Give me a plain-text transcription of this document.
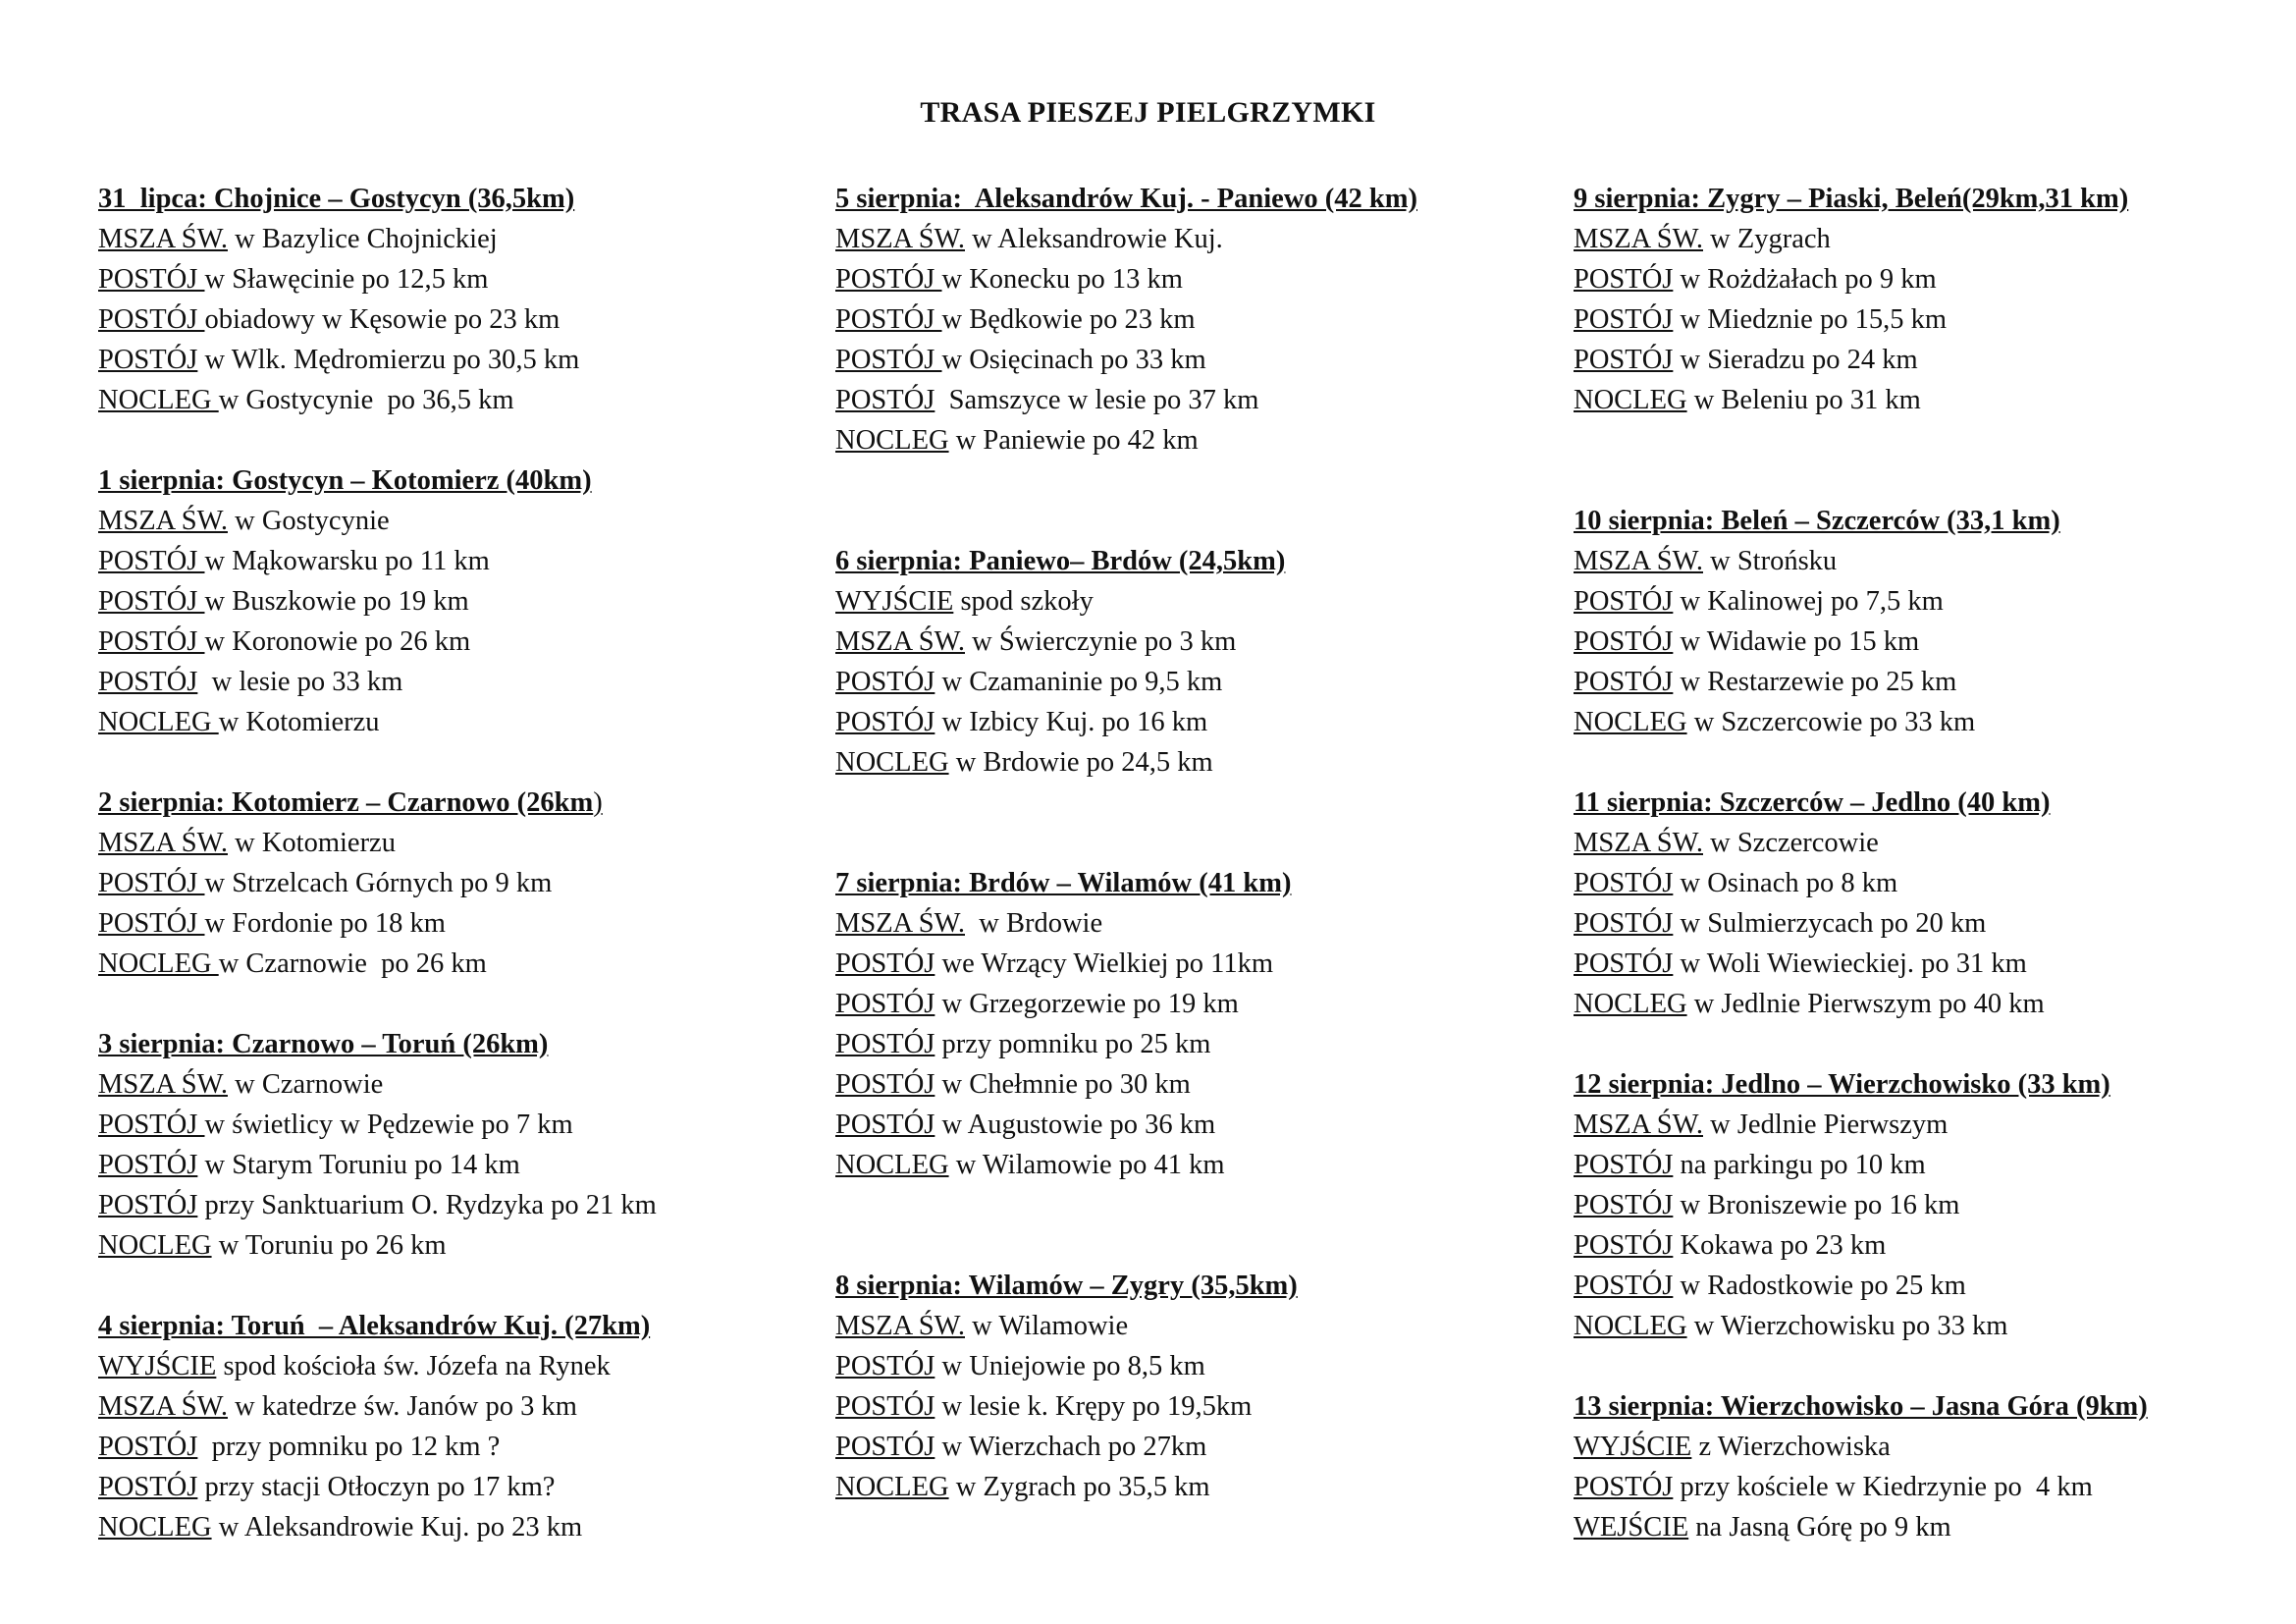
TRASA PIESZEJ PIELGRZYMKI
31  lipca: Chojnice – Gostycyn (36,5km)
MSZA ŚW. w Bazylice Chojnickiej
POSTÓJ w Sławęcinie po 12,5 km
POSTÓJ obiadowy w Kęsowie po 23 km
POSTÓJ w Wlk. Mędromierzu po 30,5 km
NOCLEG w Gostycynie  po 36,5 km
1 sierpnia: Gostycyn – Kotomierz (40km)
MSZA ŚW. w Gostycynie
POSTÓJ w Mąkowarsku po 11 km
POSTÓJ w Buszkowie po 19 km
POSTÓJ w Koronowie po 26 km
POSTÓJ  w lesie po 33 km
NOCLEG w Kotomierzu
2 sierpnia: Kotomierz – Czarnowo (26km)
MSZA ŚW. w Kotomierzu
POSTÓJ w Strzelcach Górnych po 9 km
POSTÓJ w Fordonie po 18 km
NOCLEG w Czarnowie  po 26 km
3 sierpnia: Czarnowo – Toruń (26km)
MSZA ŚW. w Czarnowie
POSTÓJ w świetlicy w Pędzewie po 7 km
POSTÓJ w Starym Toruniu po 14 km
POSTÓJ przy Sanktuarium O. Rydzyka po 21 km
NOCLEG w Toruniu po 26 km
4 sierpnia: Toruń  – Aleksandrów Kuj. (27km)
WYJŚCIE spod kościoła św. Józefa na Rynek
MSZA ŚW. w katedrze św. Janów po 3 km
POSTÓJ  przy pomniku po 12 km ?
POSTÓJ przy stacji Otłoczyn po 17 km?
NOCLEG w Aleksandrowie Kuj. po 23 km
5 sierpnia:  Aleksandrów Kuj. - Paniewo (42 km)
MSZA ŚW. w Aleksandrowie Kuj.
POSTÓJ w Konecku po 13 km
POSTÓJ w Będkowie po 23 km
POSTÓJ w Osięcinach po 33 km
POSTÓJ  Samszyce w lesie po 37 km
NOCLEG w Paniewie po 42 km
6 sierpnia: Paniewo– Brdów (24,5km)
WYJŚCIE spod szkoły
MSZA ŚW. w Świerczynie po 3 km
POSTÓJ w Czamaninie po 9,5 km
POSTÓJ w Izbicy Kuj. po 16 km
NOCLEG w Brdowie po 24,5 km
7 sierpnia: Brdów – Wilamów (41 km)
MSZA ŚW.  w Brdowie
POSTÓJ we Wrzący Wielkiej po 11km
POSTÓJ w Grzegorzewie po 19 km
POSTÓJ przy pomniku po 25 km
POSTÓJ w Chełmnie po 30 km
POSTÓJ w Augustowie po 36 km
NOCLEG w Wilamowie po 41 km
8 sierpnia: Wilamów – Zygry (35,5km)
MSZA ŚW. w Wilamowie
POSTÓJ w Uniejowie po 8,5 km
POSTÓJ w lesie k. Krępy po 19,5km
POSTÓJ w Wierzchach po 27km
NOCLEG w Zygrach po 35,5 km
9 sierpnia: Zygry – Piaski, Beleń(29km,31 km)
MSZA ŚW. w Zygrach
POSTÓJ w Rożdżałach po 9 km
POSTÓJ w Miedznie po 15,5 km
POSTÓJ w Sieradzu po 24 km
NOCLEG w Beleniu po 31 km
10 sierpnia: Beleń – Szczerców (33,1 km)
MSZA ŚW. w Strońsku
POSTÓJ w Kalinowej po 7,5 km
POSTÓJ w Widawie po 15 km
POSTÓJ w Restarzewie po 25 km
NOCLEG w Szczercowie po 33 km
11 sierpnia: Szczerców – Jedlno (40 km)
MSZA ŚW. w Szczercowie
POSTÓJ w Osinach po 8 km
POSTÓJ w Sulmierzycach po 20 km
POSTÓJ w Woli Wiewieckiej. po 31 km
NOCLEG w Jedlnie Pierwszym po 40 km
12 sierpnia: Jedlno – Wierzchowisko (33 km)
MSZA ŚW. w Jedlnie Pierwszym
POSTÓJ na parkingu po 10 km
POSTÓJ w Broniszewie po 16 km
POSTÓJ Kokawa po 23 km
POSTÓJ w Radostkowie po 25 km
NOCLEG w Wierzchowisku po 33 km
13 sierpnia: Wierzchowisko – Jasna Góra (9km)
WYJŚCIE z Wierzchowiska
POSTÓJ przy kościele w Kiedrzynie po  4 km
WEJŚCIE na Jasną Górę po 9 km
